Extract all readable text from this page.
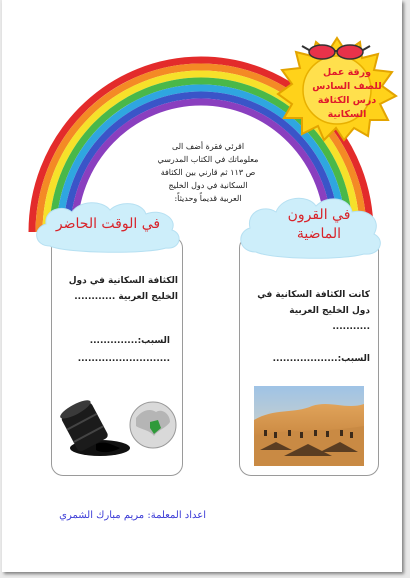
ورقة عمل
للصف السادس
درس الكثافة
السكانية
اقرئي فقرة أضف الى
معلوماتك في الكتاب المدرسي
ص ١١٣ ثم قارني بين الكثافة
السكانية في دول الخليج
العربية قديماً وحديثاً:
في الوقت الحاضر
في القرون
الماضية
الكثافة السكانية في دول
الخليج العربية ............
السبب:..............
...........................
كانت الكثافة السكانية في
دول الخليج العربية
...........
السبب:...................
اعداد المعلمة: مريم مبارك الشمري
